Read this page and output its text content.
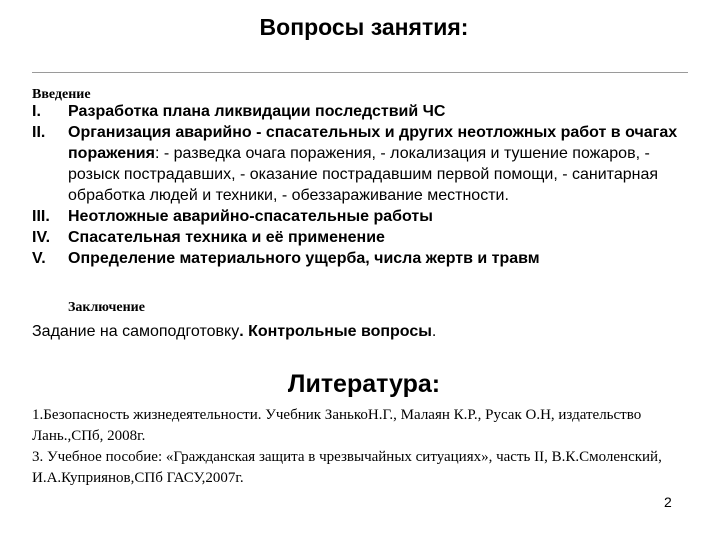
Вопросы занятия:
Введение
I.	Разработка плана ликвидации последствий ЧС
II.	Организация аварийно - спасательных и других неотложных работ в очагах поражения: - разведка очага поражения, - локализация и тушение пожаров, - розыск пострадавших, - оказание пострадавшим первой помощи, - санитарная обработка людей и техники, - обеззараживание местности.
III.	Неотложные аварийно-спасательные работы
IV.	Спасательная техника и её применение
V.	Определение материального ущерба, числа жертв и травм
Заключение
Задание на самоподготовку. Контрольные вопросы.
Литература:
1.Безопасность жизнедеятельности. Учебник ЗанькоН.Г., Малаян К.Р., Русак О.Н, издательство Лань.,СПб, 2008г.
3. Учебное пособие: «Гражданская защита в чрезвычайных ситуациях», часть II, В.К.Смоленский, И.А.Куприянов,СПб ГАСУ,2007г.
2
